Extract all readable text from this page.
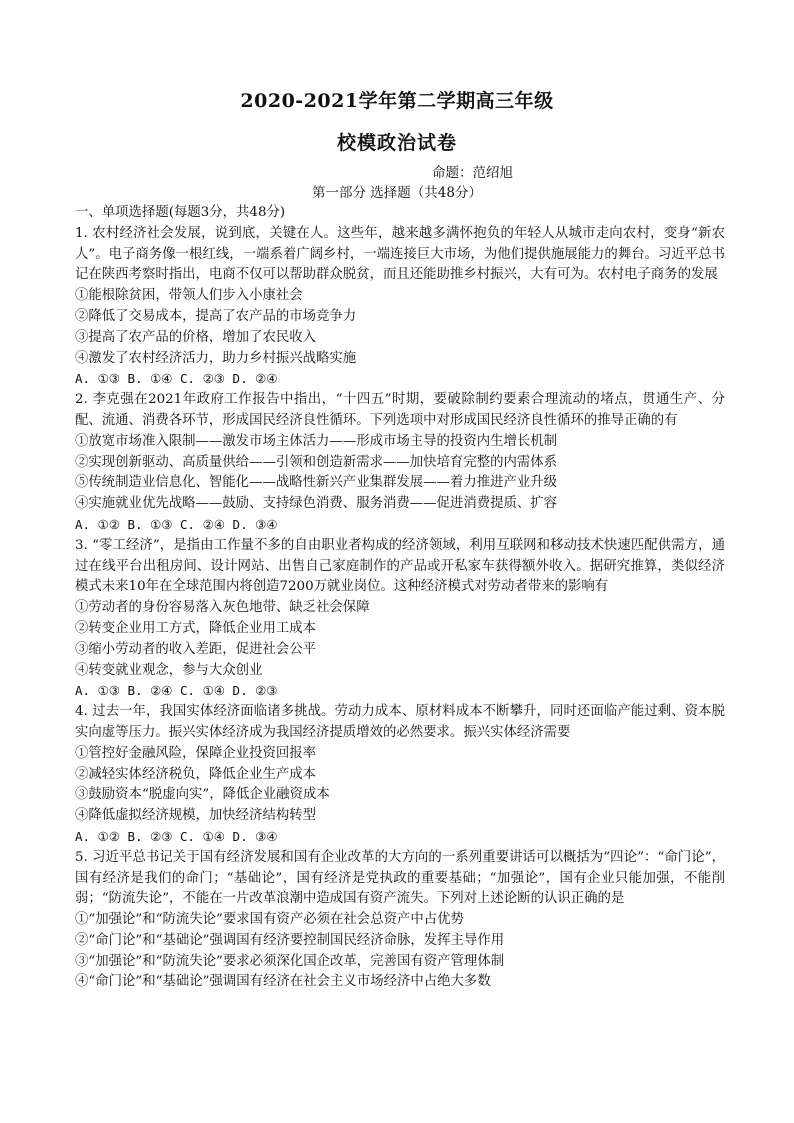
2020-2021学年第二学期高三年级
校模政治试卷
命题：范绍旭
第一部分 选择题（共48分）
一、单项选择题(每题3分，共48分)
1. 农村经济社会发展，说到底，关键在人。这些年，越来越多满怀抱负的年轻人从城市走向农村，变身“新农人”。电子商务像一根红线，一端系着广阔乡村，一端连接巨大市场，为他们提供施展能力的舞台。习近平总书记在陕西考察时指出，电商不仅可以帮助群众脱贫，而且还能助推乡村振兴，大有可为。农村电子商务的发展
①能根除贫困，带领人们步入小康社会
②降低了交易成本，提高了农产品的市场竞争力
③提高了农产品的价格，增加了农民收入
④激发了农村经济活力，助力乡村振兴战略实施
A. ①③ B. ①④ C. ②③ D. ②④
2. 李克强在2021年政府工作报告中指出，“十四五”时期，要破除制约要素合理流动的堵点，贯通生产、分配、流通、消费各环节，形成国民经济良性循环。下列选项中对形成国民经济良性循环的推导正确的有
①放宽市场准入限制——激发市场主体活力——形成市场主导的投资内生增长机制
②实现创新驱动、高质量供给——引领和创造新需求——加快培育完整的内需体系
⑤传统制造业信息化、智能化——战略性新兴产业集群发展——着力推进产业升级
④实施就业优先战略——鼓励、支持绿色消费、服务消费——促进消费提质、扩容
A. ①② B. ①③ C. ②④ D. ③④
3. “零工经济”，是指由工作量不多的自由职业者构成的经济领域，利用互联网和移动技术快速匹配供需方，通过在线平台出租房间、设计网站、出售自己家庭制作的产品或开私家车获得额外收入。据研究推算，类似经济模式未来10年在全球范围内将创造7200万就业岗位。这种经济模式对劳动者带来的影响有
①劳动者的身份容易落入灰色地带、缺乏社会保障
②转变企业用工方式，降低企业用工成本
③缩小劳动者的收入差距，促进社会公平
④转变就业观念，参与大众创业
A. ①③ B. ②④ C. ①④ D. ②③
4. 过去一年，我国实体经济面临诸多挑战。劳动力成本、原材料成本不断攀升，同时还面临产能过剩、资本脱实向虚等压力。振兴实体经济成为我国经济提质增效的必然要求。振兴实体经济需要
①管控好金融风险，保障企业投资回报率
②减轻实体经济税负，降低企业生产成本
③鼓励资本“脱虚向实”，降低企业融资成本
④降低虚拟经济规模，加快经济结构转型
A. ①② B. ②③ C. ①④ D. ③④
5. 习近平总书记关于国有经济发展和国有企业改革的大方向的一系列重要讲话可以概括为“四论”：“命门论”，国有经济是我们的命门；“基础论”，国有经济是党执政的重要基础；“加强论”，国有企业只能加强，不能削弱；“防流失论”，不能在一片改革浪潮中造成国有资产流失。下列对上述论断的认识正确的是
①“加强论”和“防流失论”要求国有资产必须在社会总资产中占优势
②“命门论”和“基础论”强调国有经济要控制国民经济命脉，发挥主导作用
③“加强论”和“防流失论”要求必须深化国企改革，完善国有资产管理体制
④“命门论”和“基础论”强调国有经济在社会主义市场经济中占绝大多数
